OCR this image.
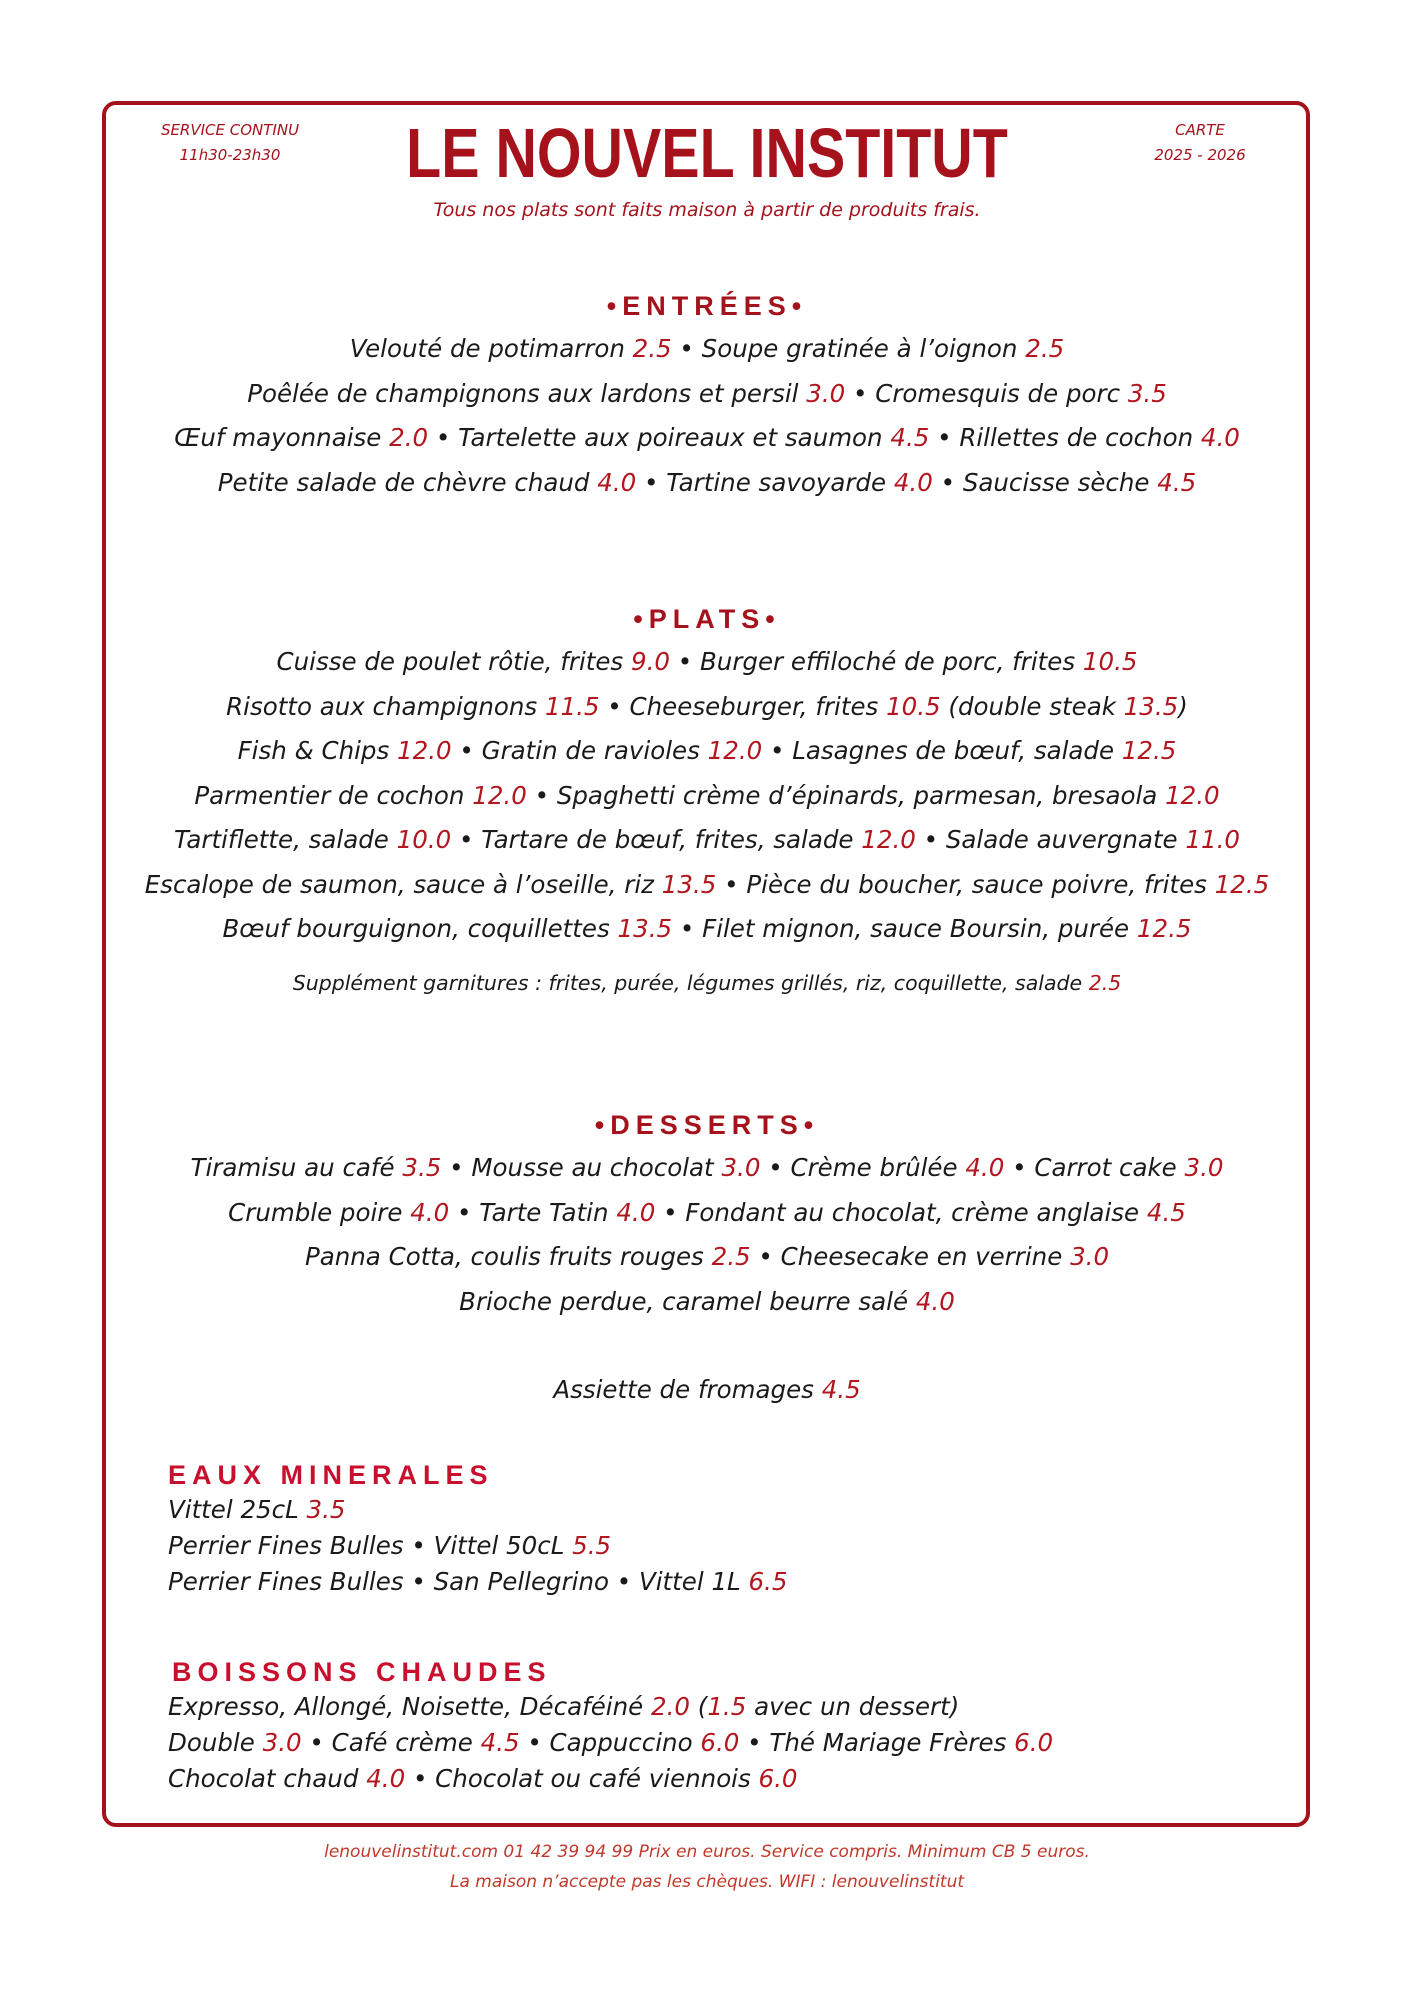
SERVICE CONTINU
11h30-23h30	LE NOUVEL INSTITUT	CARTE
2025 - 2026
Tous nos plats sont faits maison à partir de produits frais.
•ENTRÉES•
Velouté de potimarron 2.5 • Soupe gratinée à l’oignon 2.5
Poêlée de champignons aux lardons et persil 3.0 • Cromesquis de porc 3.5
Œuf mayonnaise 2.0 • Tartelette aux poireaux et saumon 4.5 • Rillettes de cochon 4.0
Petite salade de chèvre chaud 4.0 • Tartine savoyarde 4.0 • Saucisse sèche 4.5
•PLATS•
Cuisse de poulet rôtie, frites 9.0 • Burger effiloché de porc, frites 10.5
Risotto aux champignons 11.5 • Cheeseburger, frites 10.5 (double steak 13.5)
Fish & Chips 12.0 • Gratin de ravioles 12.0 • Lasagnes de bœuf, salade 12.5
Parmentier de cochon 12.0 • Spaghetti crème d’épinards, parmesan, bresaola 12.0
Tartiflette, salade 10.0 • Tartare de bœuf, frites, salade 12.0 • Salade auvergnate 11.0
Escalope de saumon, sauce à l’oseille, riz 13.5 • Pièce du boucher, sauce poivre, frites 12.5
Bœuf bourguignon, coquillettes 13.5 • Filet mignon, sauce Boursin, purée 12.5
Supplément garnitures : frites, purée, légumes grillés, riz, coquillette, salade 2.5
•DESSERTS•
Tiramisu au café 3.5 • Mousse au chocolat 3.0 • Crème brûlée 4.0 • Carrot cake 3.0
Crumble poire 4.0 • Tarte Tatin 4.0 • Fondant au chocolat, crème anglaise 4.5
Panna Cotta, coulis fruits rouges 2.5 • Cheesecake en verrine 3.0
Brioche perdue, caramel beurre salé 4.0
Assiette de fromages 4.5
EAUX MINERALES
Vittel 25cL 3.5
Perrier Fines Bulles • Vittel 50cL 5.5
Perrier Fines Bulles • San Pellegrino • Vittel 1L 6.5
BOISSONS CHAUDES
Expresso, Allongé, Noisette, Décaféiné 2.0 (1.5 avec un dessert)
Double 3.0 • Café crème 4.5 • Cappuccino 6.0 • Thé Mariage Frères 6.0
Chocolat chaud 4.0 • Chocolat ou café viennois 6.0
lenouvelinstitut.com 01 42 39 94 99 Prix en euros. Service compris. Minimum CB 5 euros.
La maison n’accepte pas les chèques. WIFI : lenouvelinstitut
